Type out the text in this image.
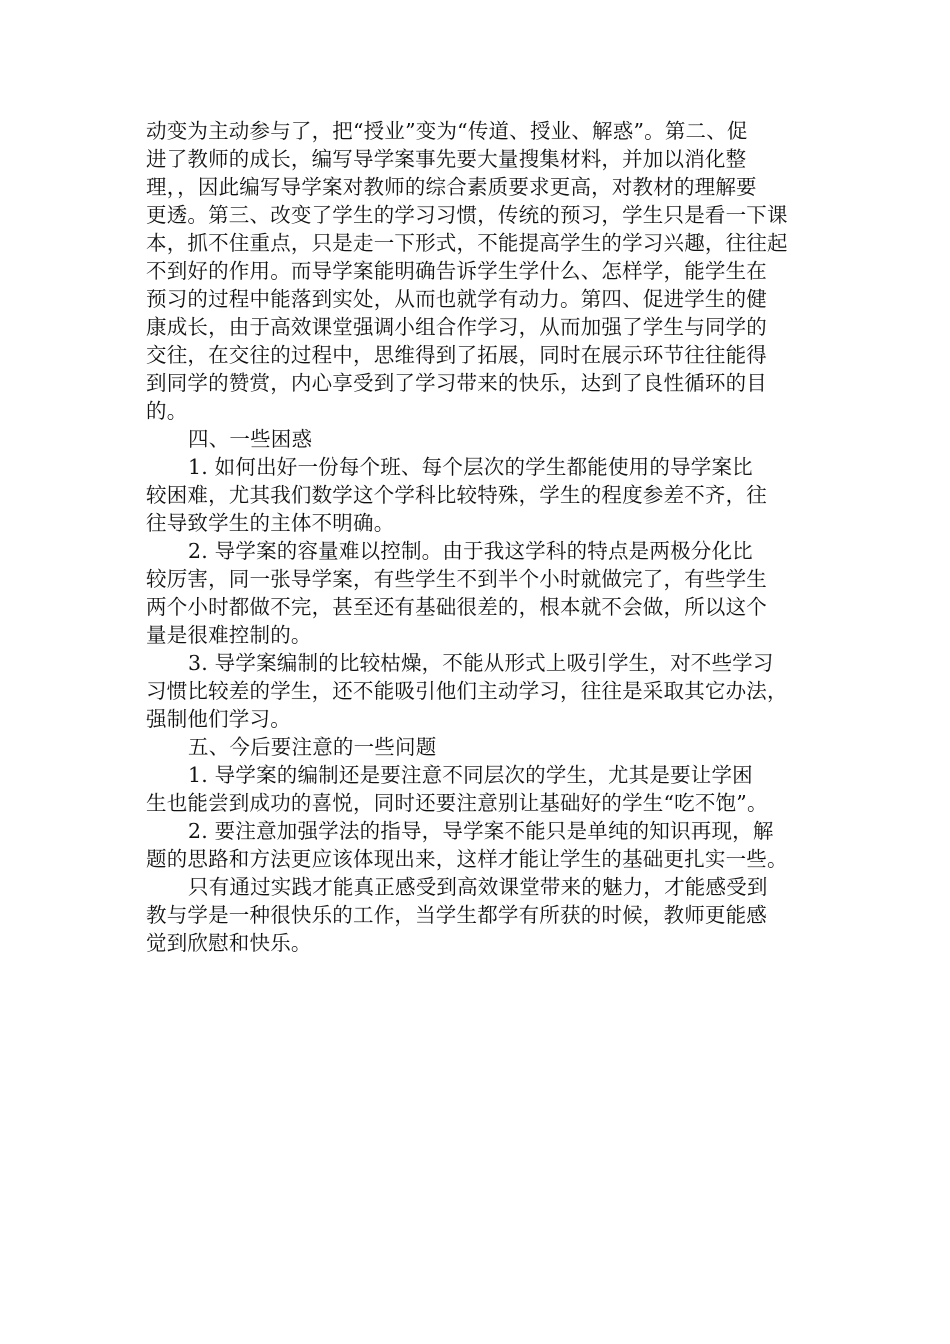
动变为主动参与了，把“授业”变为“传道、授业、解惑”。第二、促
进了教师的成长，编写导学案事先要大量搜集材料，并加以消化整
理，，因此编写导学案对教师的综合素质要求更高，对教材的理解要
更透。第三、改变了学生的学习习惯，传统的预习，学生只是看一下课
本，抓不住重点，只是走一下形式，不能提高学生的学习兴趣，往往起
不到好的作用。而导学案能明确告诉学生学什么、怎样学，能学生在
预习的过程中能落到实处，从而也就学有动力。第四、促进学生的健
康成长，由于高效课堂强调小组合作学习，从而加强了学生与同学的
交往，在交往的过程中，思维得到了拓展，同时在展示环节往往能得
到同学的赞赏，内心享受到了学习带来的快乐，达到了良性循环的目
的。
四、一些困惑
1. 如何出好一份每个班、每个层次的学生都能使用的导学案比
较困难，尤其我们数学这个学科比较特殊，学生的程度参差不齐，往
往导致学生的主体不明确。
2. 导学案的容量难以控制。由于我这学科的特点是两极分化比
较厉害，同一张导学案，有些学生不到半个小时就做完了，有些学生
两个小时都做不完，甚至还有基础很差的，根本就不会做，所以这个
量是很难控制的。
3. 导学案编制的比较枯燥，不能从形式上吸引学生，对不些学习
习惯比较差的学生，还不能吸引他们主动学习，往往是采取其它办法，
强制他们学习。
五、今后要注意的一些问题
1. 导学案的编制还是要注意不同层次的学生，尤其是要让学困
生也能尝到成功的喜悦，同时还要注意别让基础好的学生“吃不饱”。
2. 要注意加强学法的指导，导学案不能只是单纯的知识再现，解
题的思路和方法更应该体现出来，这样才能让学生的基础更扎实一些。
只有通过实践才能真正感受到高效课堂带来的魅力，才能感受到
教与学是一种很快乐的工作，当学生都学有所获的时候，教师更能感
觉到欣慰和快乐。
